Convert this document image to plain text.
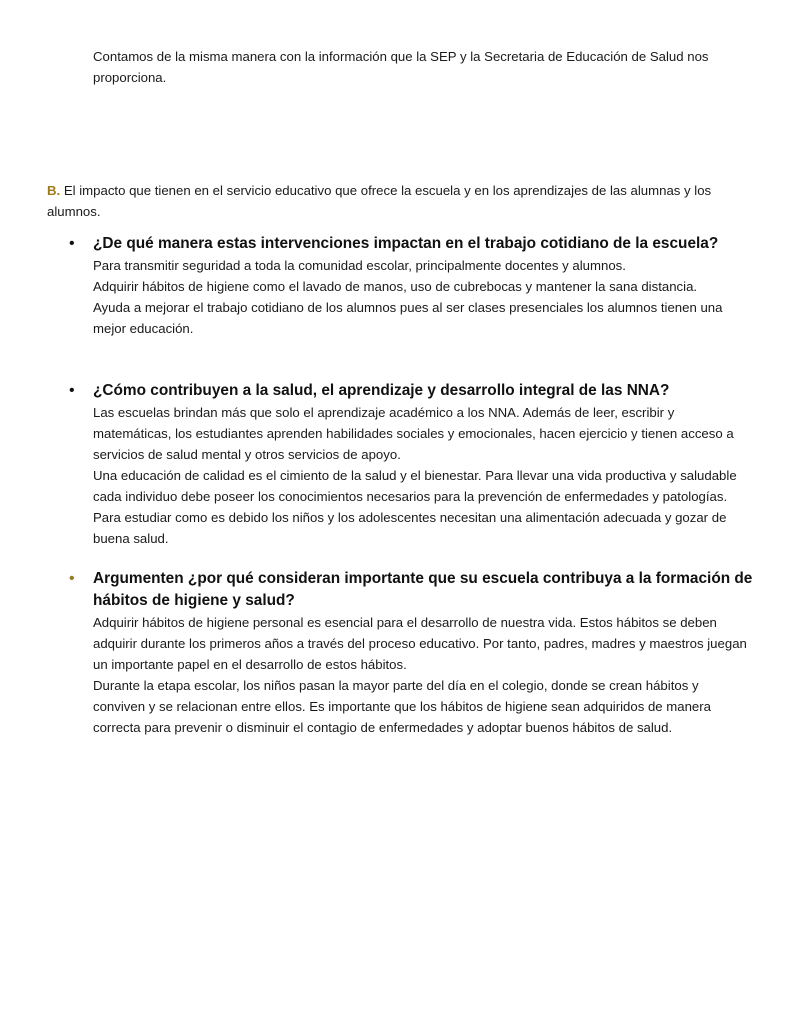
Contamos de la misma manera con la información que la SEP y la Secretaria de Educación de Salud nos proporciona.
B. El impacto que tienen en el servicio educativo que ofrece la escuela y en los aprendizajes de las alumnas y los alumnos.
• ¿De qué manera estas intervenciones impactan en el trabajo cotidiano de la escuela?

Para transmitir seguridad a toda la comunidad escolar, principalmente docentes y alumnos.

Adquirir hábitos de higiene como el lavado de manos, uso de cubrebocas y mantener la sana distancia.

Ayuda a mejorar el trabajo cotidiano de los alumnos pues al ser clases presenciales los alumnos tienen una mejor educación.

• ¿Cómo contribuyen a la salud, el aprendizaje y desarrollo integral de las NNA?

Las escuelas brindan más que solo el aprendizaje académico a los NNA. Además de leer, escribir y matemáticas, los estudiantes aprenden habilidades sociales y emocionales, hacen ejercicio y tienen acceso a servicios de salud mental y otros servicios de apoyo.

Una educación de calidad es el cimiento de la salud y el bienestar. Para llevar una vida productiva y saludable cada individuo debe poseer los conocimientos necesarios para la prevención de enfermedades y patologías. Para estudiar como es debido los niños y los adolescentes necesitan una alimentación adecuada y gozar de buena salud.

• Argumenten ¿por qué consideran importante que su escuela contribuya a la formación de hábitos de higiene y salud?

Adquirir hábitos de higiene personal es esencial para el desarrollo de nuestra vida. Estos hábitos se deben adquirir durante los primeros años a través del proceso educativo. Por tanto, padres, madres y maestros juegan un importante papel en el desarrollo de estos hábitos.

Durante la etapa escolar, los niños pasan la mayor parte del día en el colegio, donde se crean hábitos y conviven y se relacionan entre ellos. Es importante que los hábitos de higiene sean adquiridos de manera correcta para prevenir o disminuir el contagio de enfermedades y adoptar buenos hábitos de salud.
